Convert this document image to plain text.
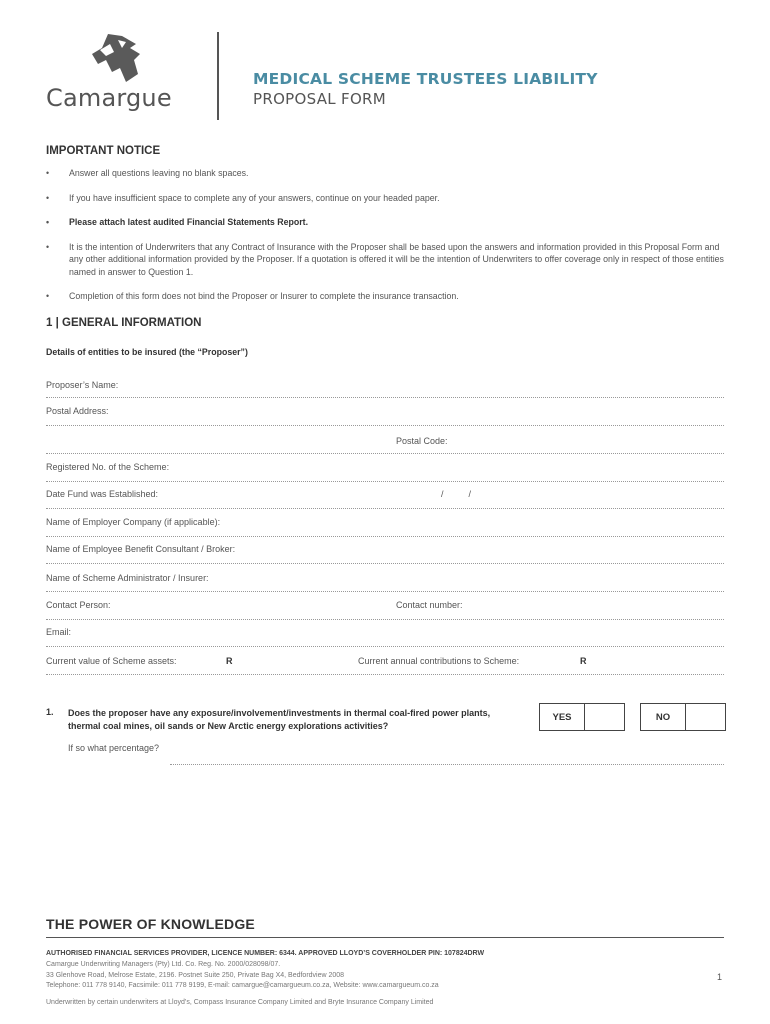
Camargue
MEDICAL SCHEME TRUSTEES LIABILITY
PROPOSAL FORM
IMPORTANT NOTICE
• Answer all questions leaving no blank spaces.
• If you have insufficient space to complete any of your answers, continue on your headed paper.
• Please attach latest audited Financial Statements Report.
• It is the intention of Underwriters that any Contract of Insurance with the Proposer shall be based upon the answers and information provided in this Proposal Form and any other additional information provided by the Proposer. If a quotation is offered it will be the intention of Underwriters to offer coverage only in respect of those entities named in answer to Question 1.
• Completion of this form does not bind the Proposer or Insurer to complete the insurance transaction.
1 | GENERAL INFORMATION
Details of entities to be insured (the “Proposer”)
Proposer’s Name:
Postal Address:
Postal Code:
Registered No. of the Scheme:
Date Fund was Established:	/          /
Name of Employer Company (if applicable):
Name of Employee Benefit Consultant / Broker:
Name of Scheme Administrator / Insurer:
Contact Person:	Contact number:
Email:
Current value of Scheme assets:	R	Current annual contributions to Scheme:	R
1. Does the proposer have any exposure/involvement/investments in thermal coal-fired power plants, thermal coal mines, oil sands or New Arctic energy explorations activities?
YES	NO
If so what percentage?
THE POWER OF KNOWLEDGE
AUTHORISED FINANCIAL SERVICES PROVIDER, LICENCE NUMBER: 6344. APPROVED LLOYD’S COVERHOLDER PIN: 107824DRW
Camargue Underwriting Managers (Pty) Ltd. Co. Reg. No. 2000/028098/07.
33 Glenhove Road, Melrose Estate, 2196. Postnet Suite 250, Private Bag X4, Bedfordview 2008
Telephone: 011 778 9140, Facsimile: 011 778 9199, E-mail: camargue@camargueum.co.za, Website: www.camargueum.co.za
1
Underwritten by certain underwriters at Lloyd’s, Compass Insurance Company Limited and Bryte Insurance Company Limited
